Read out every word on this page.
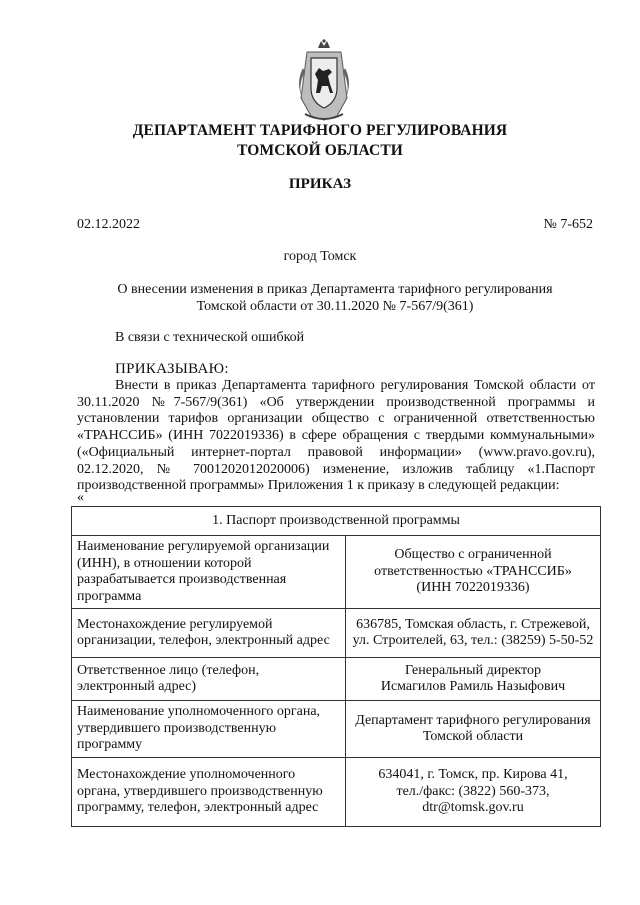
ДЕПАРТАМЕНТ ТАРИФНОГО РЕГУЛИРОВАНИЯ
ТОМСКОЙ ОБЛАСТИ
ПРИКАЗ
02.12.2022	№ 7-652
город Томск
О внесении изменения в приказ Департамента тарифного регулирования
Томской области от 30.11.2020 № 7-567/9(361)
В связи с технической ошибкой
ПРИКАЗЫВАЮ:
Внести в приказ Департамента тарифного регулирования Томской области от 30.11.2020 №7-567/9(361) «Об утверждении производственной программы и установлении тарифов организации общество с ограниченной ответственностью «ТРАНССИБ» (ИНН 7022019336) в сфере обращения с твердыми коммунальными» («Официальный интернет-портал правовой информации» (www.pravo.gov.ru), 02.12.2020, № 7001202012020006) изменение, изложив таблицу «1.Паспорт производственной программы» Приложения 1 к приказу в следующей редакции:
«
1. Паспорт производственной программы	
Наименование регулируемой организации (ИНН), в отношении которой разрабатывается производственная программа	Общество с ограниченной
ответственностью «ТРАНССИБ»
(ИНН 7022019336)

Местонахождение регулируемой организации, телефон, электронный адрес	636785, Томская область, г. Стрежевой,
ул. Строителей, 63, тел.: (38259) 5-50-52

Ответственное лицо (телефон, электронный адрес)	Генеральный директор
Исмагилов Рамиль Назыфович

Наименование уполномоченного органа, утвердившего производственную программу	Департамент тарифного регулирования
Томской области

Местонахождение уполномоченного органа, утвердившего производственную программу, телефон, электронный адрес	634041, г. Томск, пр. Кирова 41,
тел./факс: (3822) 560-373,
dtr@tomsk.gov.ru
